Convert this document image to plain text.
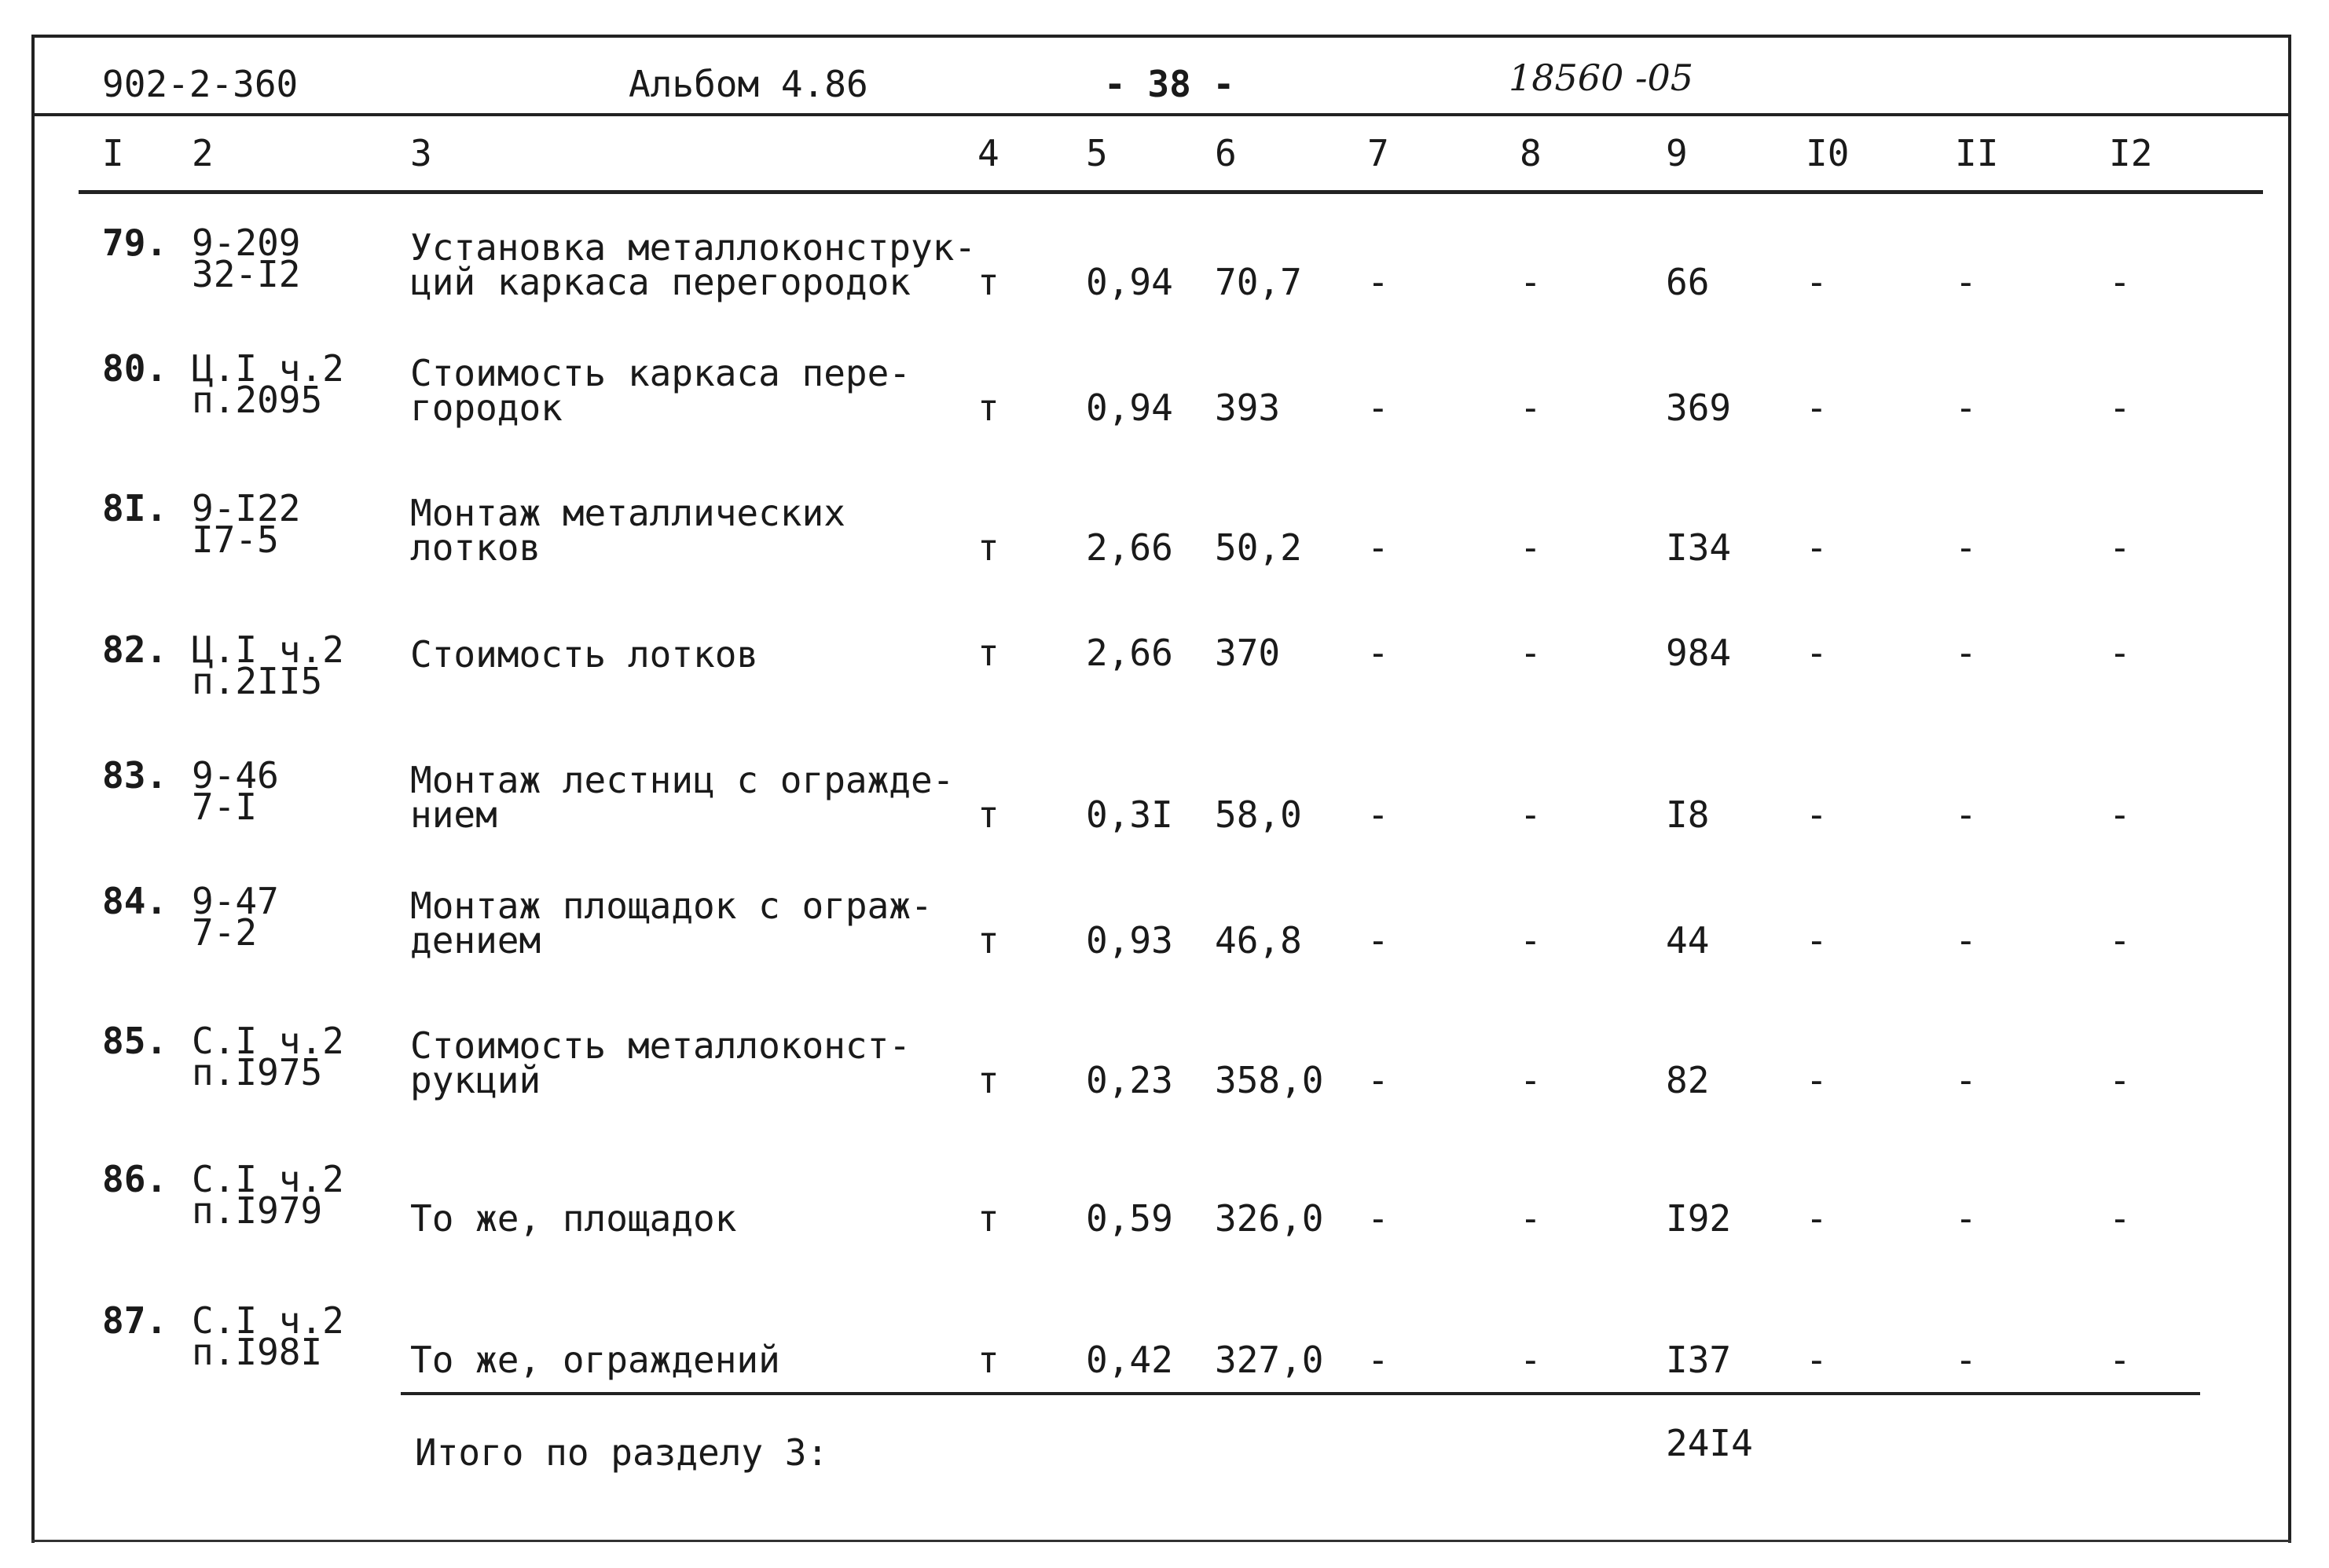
902-2-360	Альбом 4.86	- 38 -	18560 -05
I 2	3	4 5	6	7	8	9	I0	II	I2
79. 9-209
32-I2
Установка металлоконструк-
ций каркаса перегородок т 0,94 70,7 -	-	66	-	-	-
80. Ц.I ч.2
п.2095
Стоимость каркаса пере-
городок	т 0,94 393 -	-	369 -	-	-
8I. 9-I22
I7-5
Монтаж металлических
лотков	т 2,66 50,2 -	-	I34 -	-	-
82. Ц.I ч.2
п.2II5
Стоимость лотков	т 2,66 370 -	-	984 -	-	-
83. 9-46
7-I
Монтаж лестниц с огражде-
нием	т 0,3I 58,0 -	-	I8	-	-	-
84. 9-47
7-2
Монтаж площадок с ограж-
дением	т 0,93 46,8 -	-	44	-	-	-
85. С.I ч.2
п.I975
Стоимость металлоконст-
рукций	т 0,23 358,0 -	-	82	-	-	-
86. С.I ч.2
п.I979 То же, площадок	т 0,59 326,0 -	-	I92 -	-	-
87. С.I ч.2
п.I98I То же, ограждений	т 0,42 327,0 -	-	I37 -	-	-
Итого по разделу 3:	24I4
